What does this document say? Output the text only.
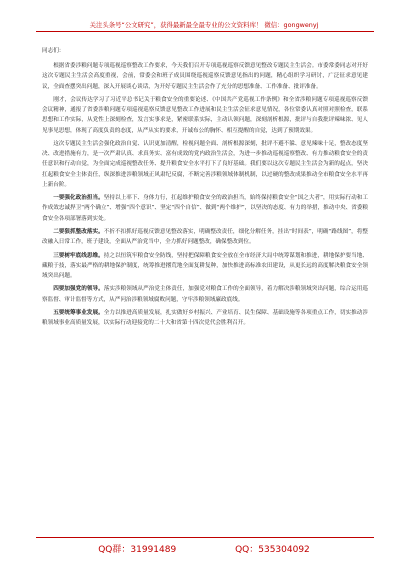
关注头条号“公文研究”，获得最新最全最专业的公文资料库！ 微信：gongwenyj

同志们：

根据省委涉粮问题专项巡视巡察整改工作要求，今天我们召开专项巡视巡察反馈意见整改专题民主生活会。市委常委同志对开好这次专题民主生活会高度重视，会前，常委会和班子成员围绕巡视巡察反馈意见指出的问题，精心组织学习研讨，广泛征求意见建议，全面查摆突出问题，深入开展谈心谈话，为开好专题民主生活会作了充分的思想准备、工作准备、批评准备。

刚才，会议传达学习了习近平总书记关于粮食安全的重要论述、《中国共产党巡视工作条例》和全省涉粮问题专项巡视巡察反馈会议精神，通报了省委涉粮问题专项巡视巡察反馈意见整改工作进展和民主生活会征求意见情况，各位常委认真对照对照检查，联系思想和工作实际，从党性上深刻检查，发言实事求是，紧密联系实际，主动认领问题，深刻剖析根源，批评与自我批评辣味浓、见人见事见思想，体现了高度负责的态度，从严从实的要求，开诚布公的胸怀、相互提醒的自觉，达到了预期效果。

这次专题民主生活会强化政治自觉、认识更加清醒，检视问题全面、剖析根源深刻，批评不避不躲、意见辣味十足，整改态度坚决、改进措施有力，是一次严肃认真、求真务实、富有成效的党内政治生活会，为进一步推动巡视巡察整改、有力推动粮食安全的责任意识和行动自觉，为全面完成巡视整改任务、提升粮食安全水平打下了良好基础。我们要以这次专题民主生活会为新的起点，坚决扛起粮食安全主体责任，纵深推进涉粮领域正风肃纪反腐，不断完善涉粮领域体制机制，以过硬的整改成果推动全市粮食安全水平再上新台阶。

一要强化政治担当。坚持以上率下、身体力行，扛起维护粮食安全的政治担当，始终保持粮食安全“国之大者”，用实际行动和工作成效忠诚捍卫“两个确立”、增强“四个意识”、坚定“四个自信”、做到“两个维护”，以坚决的态度、有力的举措，推动中央、省委粮食安全各项部署落到实处。

二要狠抓整改落实。不折不扣抓好巡视反馈意见整改落实，明确整改责任，细化分解任务，挂出“时间表”，明确“路线图”，将整改融入日常工作，班子建设，全面从严治党当中，全力抓好问题整改，确保整改到位。

三要树牢底线思维。持之以恒筑牢粮食安全防线，坚持把保障粮食安全放在全市经济大局中统筹谋划和推进，耕地保护要当地、藏粮于技，落实最严格的耕地保护制度，统筹推进撂荒地全面复耕复种，加快推进高标准农田建设，从更长远的高度解决粮食安全领域突出问题。

四要加强党的领导。落实涉粮领域从严治党主体责任，加强党对粮食工作的全面领导，着力解决涉粮领域突出问题，综合运用巡察监督、审计监督等方式，从严问治涉粮领域腐败问题，守牢涉粮领域廉政底线。

五要统筹事业发展。全力以推进高质量发展，扎实做好乡村振兴、产业培育、民生保障、基础设施等各项重点工作，切实推动涉粮领域事业高质量发展，以实际行动迎接党的二十大和省第十四次党代会胜利召开。

QQ群：31991489	QQ：535304092
